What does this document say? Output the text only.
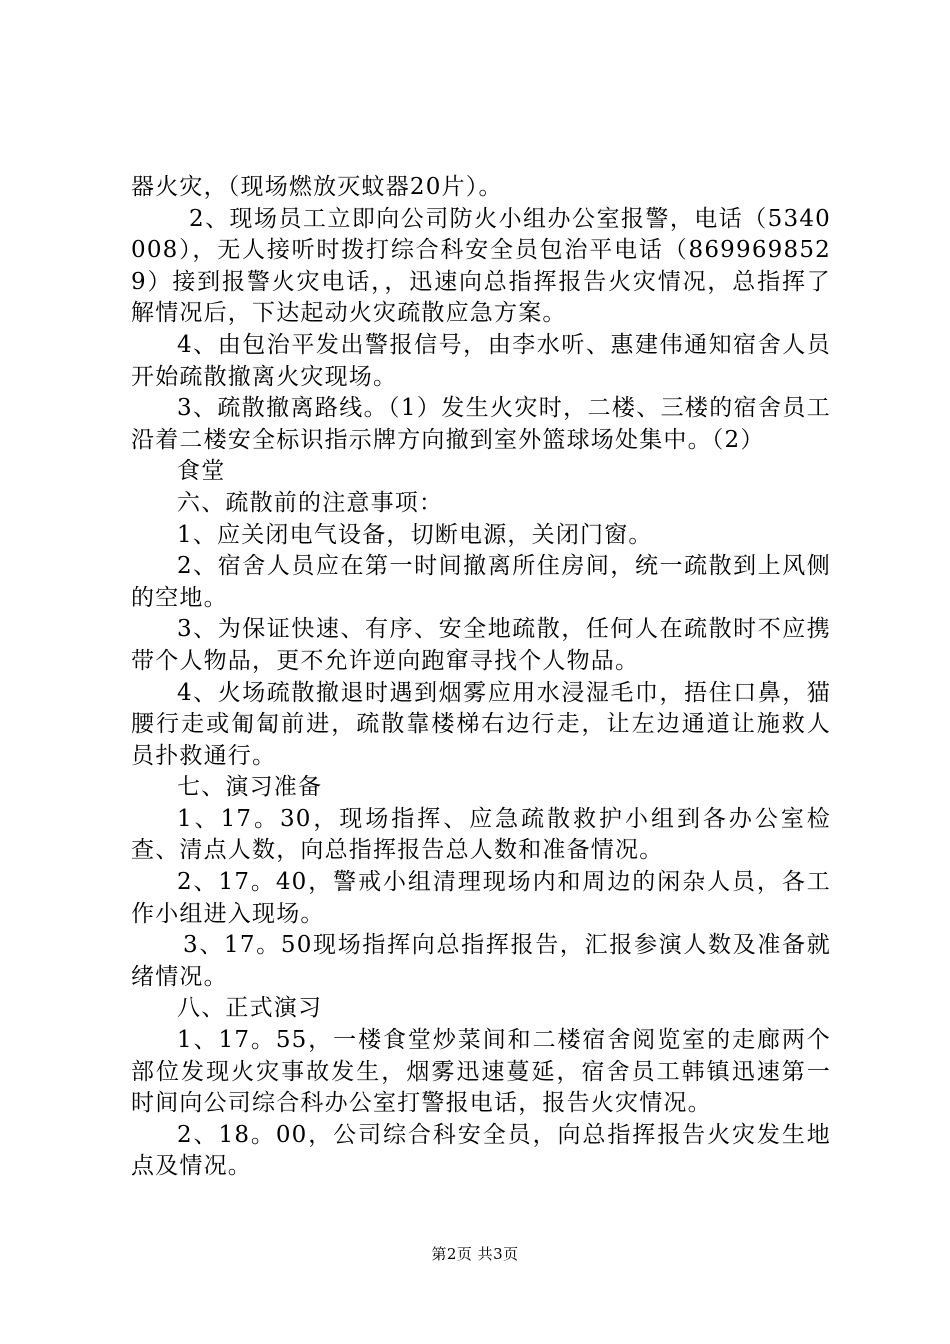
器火灾，（现场燃放灭蚊器20片）。

2、现场员工立即向公司防火小组办公室报警，电话（5340008），无人接听时拨打综合科安全员包治平电话（8699698529）接到报警火灾电话，，迅速向总指挥报告火灾情况，总指挥了解情况后，下达起动火灾疏散应急方案。

4、由包治平发出警报信号，由李水听、惠建伟通知宿舍人员开始疏散撤离火灾现场。

3、疏散撤离路线。（1）发生火灾时，二楼、三楼的宿舍员工沿着二楼安全标识指示牌方向撤到室外篮球场处集中。（2）

食堂

六、疏散前的注意事项：

1、应关闭电气设备，切断电源，关闭门窗。

2、宿舍人员应在第一时间撤离所住房间，统一疏散到上风侧的空地。

3、为保证快速、有序、安全地疏散，任何人在疏散时不应携带个人物品，更不允许逆向跑窜寻找个人物品。

4、火场疏散撤退时遇到烟雾应用水浸湿毛巾，捂住口鼻，猫腰行走或匍匐前进，疏散靠楼梯右边行走，让左边通道让施救人员扑救通行。

七、演习准备

1、17。30，现场指挥、应急疏散救护小组到各办公室检查、清点人数，向总指挥报告总人数和准备情况。

2、17。40，警戒小组清理现场内和周边的闲杂人员，各工作小组进入现场。

3、17。50现场指挥向总指挥报告，汇报参演人数及准备就绪情况。

八、正式演习

1、17。55，一楼食堂炒菜间和二楼宿舍阅览室的走廊两个部位发现火灾事故发生，烟雾迅速蔓延，宿舍员工韩镇迅速第一时间向公司综合科办公室打警报电话，报告火灾情况。

2、18。00，公司综合科安全员，向总指挥报告火灾发生地点及情况。

第2页 共3页
